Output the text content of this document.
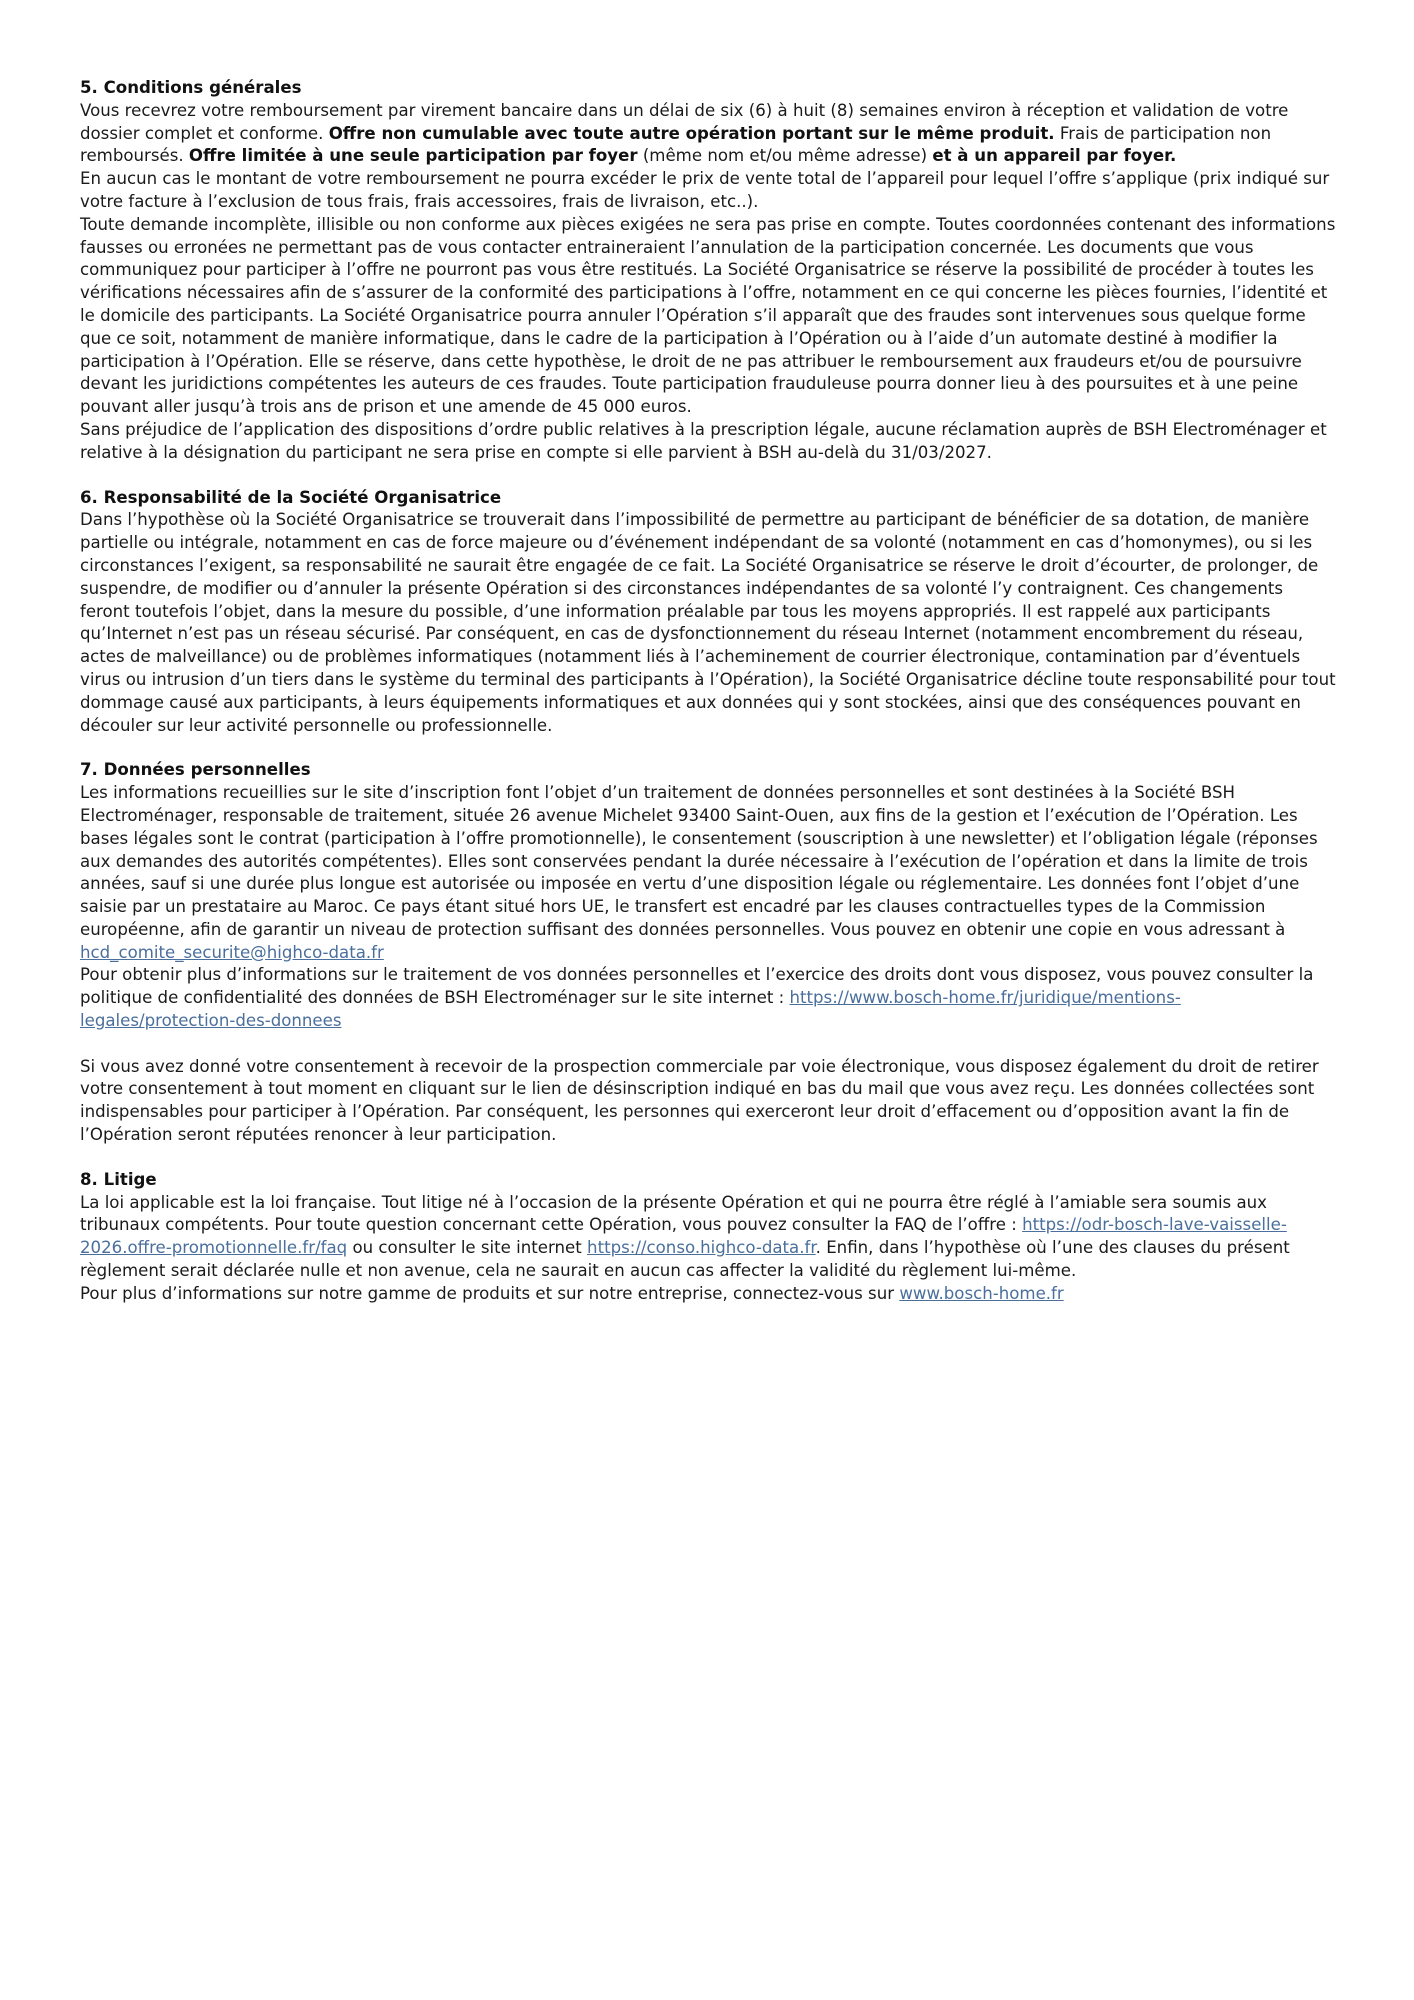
5. Conditions générales

Vous recevrez votre remboursement par virement bancaire dans un délai de six (6) à huit (8) semaines environ à réception et validation de votre dossier complet et conforme. Offre non cumulable avec toute autre opération portant sur le même produit. Frais de participation non remboursés. Offre limitée à une seule participation par foyer (même nom et/ou même adresse) et à un appareil par foyer.

En aucun cas le montant de votre remboursement ne pourra excéder le prix de vente total de l’appareil pour lequel l’offre s’applique (prix indiqué sur votre facture à l’exclusion de tous frais, frais accessoires, frais de livraison, etc..).

Toute demande incomplète, illisible ou non conforme aux pièces exigées ne sera pas prise en compte. Toutes coordonnées contenant des informations fausses ou erronées ne permettant pas de vous contacter entraineraient l’annulation de la participation concernée. Les documents que vous communiquez pour participer à l’offre ne pourront pas vous être restitués. La Société Organisatrice se réserve la possibilité de procéder à toutes les vérifications nécessaires afin de s’assurer de la conformité des participations à l’offre, notamment en ce qui concerne les pièces fournies, l’identité et le domicile des participants. La Société Organisatrice pourra annuler l’Opération s’il apparaît que des fraudes sont intervenues sous quelque forme que ce soit, notamment de manière informatique, dans le cadre de la participation à l’Opération ou à l’aide d’un automate destiné à modifier la participation à l’Opération. Elle se réserve, dans cette hypothèse, le droit de ne pas attribuer le remboursement aux fraudeurs et/ou de poursuivre devant les juridictions compétentes les auteurs de ces fraudes. Toute participation frauduleuse pourra donner lieu à des poursuites et à une peine pouvant aller jusqu’à trois ans de prison et une amende de 45 000 euros.

Sans préjudice de l’application des dispositions d’ordre public relatives à la prescription légale, aucune réclamation auprès de BSH Electroménager et relative à la désignation du participant ne sera prise en compte si elle parvient à BSH au-delà du 31/03/2027.

6. Responsabilité de la Société Organisatrice

Dans l’hypothèse où la Société Organisatrice se trouverait dans l’impossibilité de permettre au participant de bénéficier de sa dotation, de manière partielle ou intégrale, notamment en cas de force majeure ou d’événement indépendant de sa volonté (notamment en cas d’homonymes), ou si les circonstances l’exigent, sa responsabilité ne saurait être engagée de ce fait. La Société Organisatrice se réserve le droit d’écourter, de prolonger, de suspendre, de modifier ou d’annuler la présente Opération si des circonstances indépendantes de sa volonté l’y contraignent. Ces changements feront toutefois l’objet, dans la mesure du possible, d’une information préalable par tous les moyens appropriés. Il est rappelé aux participants qu’Internet n’est pas un réseau sécurisé. Par conséquent, en cas de dysfonctionnement du réseau Internet (notamment encombrement du réseau, actes de malveillance) ou de problèmes informatiques (notamment liés à l’acheminement de courrier électronique, contamination par d’éventuels virus ou intrusion d’un tiers dans le système du terminal des participants à l’Opération), la Société Organisatrice décline toute responsabilité pour tout dommage causé aux participants, à leurs équipements informatiques et aux données qui y sont stockées, ainsi que des conséquences pouvant en découler sur leur activité personnelle ou professionnelle.

7. Données personnelles

Les informations recueillies sur le site d’inscription font l’objet d’un traitement de données personnelles et sont destinées à la Société BSH Electroménager, responsable de traitement, située 26 avenue Michelet 93400 Saint-Ouen, aux fins de la gestion et l’exécution de l’Opération. Les bases légales sont le contrat (participation à l’offre promotionnelle), le consentement (souscription à une newsletter) et l’obligation légale (réponses aux demandes des autorités compétentes). Elles sont conservées pendant la durée nécessaire à l’exécution de l’opération et dans la limite de trois années, sauf si une durée plus longue est autorisée ou imposée en vertu d’une disposition légale ou réglementaire. Les données font l’objet d’une saisie par un prestataire au Maroc. Ce pays étant situé hors UE, le transfert est encadré par les clauses contractuelles types de la Commission européenne, afin de garantir un niveau de protection suffisant des données personnelles. Vous pouvez en obtenir une copie en vous adressant à hcd_comite_securite@highco-data.fr

Pour obtenir plus d’informations sur le traitement de vos données personnelles et l’exercice des droits dont vous disposez, vous pouvez consulter la politique de confidentialité des données de BSH Electroménager sur le site internet : https://www.bosch-home.fr/juridique/mentions-legales/protection-des-donnees

Si vous avez donné votre consentement à recevoir de la prospection commerciale par voie électronique, vous disposez également du droit de retirer votre consentement à tout moment en cliquant sur le lien de désinscription indiqué en bas du mail que vous avez reçu. Les données collectées sont indispensables pour participer à l’Opération. Par conséquent, les personnes qui exerceront leur droit d’effacement ou d’opposition avant la fin de l’Opération seront réputées renoncer à leur participation.

8. Litige

La loi applicable est la loi française. Tout litige né à l’occasion de la présente Opération et qui ne pourra être réglé à l’amiable sera soumis aux tribunaux compétents. Pour toute question concernant cette Opération, vous pouvez consulter la FAQ de l’offre : https://odr-bosch-lave-vaisselle-2026.offre-promotionnelle.fr/faq ou consulter le site internet https://conso.highco-data.fr. Enfin, dans l’hypothèse où l’une des clauses du présent règlement serait déclarée nulle et non avenue, cela ne saurait en aucun cas affecter la validité du règlement lui-même.

Pour plus d’informations sur notre gamme de produits et sur notre entreprise, connectez-vous sur www.bosch-home.fr
